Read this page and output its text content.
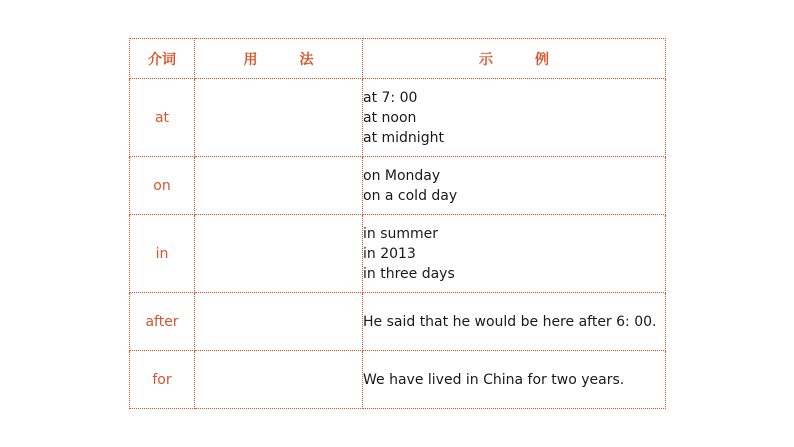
介词	用 法	示 例
at		at 7: 00
at noon
at midnight

on		on Monday
on a cold day

in		in summer
in 2013
in three days

after		He said that he would be here after 6: 00.

for		We have lived in China for two years.
